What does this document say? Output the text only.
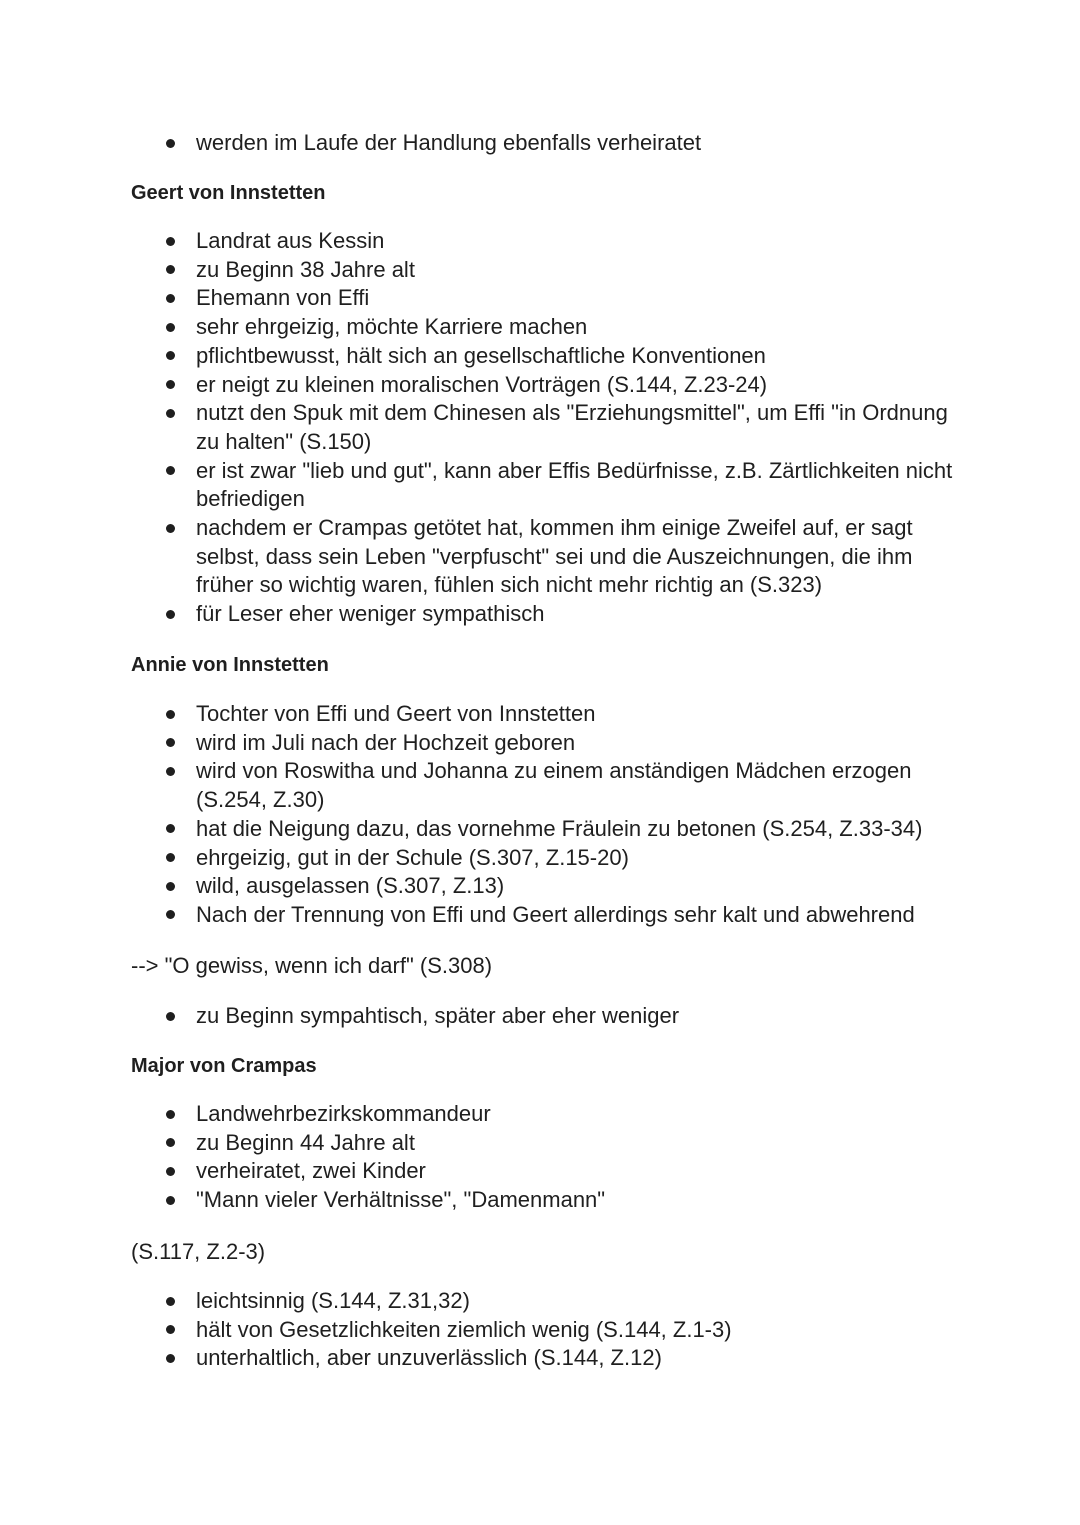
werden im Laufe der Handlung ebenfalls verheiratet
Geert von Innstetten
Landrat aus Kessin
zu Beginn 38 Jahre alt
Ehemann von Effi
sehr ehrgeizig, möchte Karriere machen
pflichtbewusst, hält sich an gesellschaftliche Konventionen
er neigt zu kleinen moralischen Vorträgen (S.144, Z.23-24)
nutzt den Spuk mit dem Chinesen als "Erziehungsmittel", um Effi "in Ordnung zu halten" (S.150)
er ist zwar "lieb und gut", kann aber Effis Bedürfnisse, z.B. Zärtlichkeiten nicht befriedigen
nachdem er Crampas getötet hat, kommen ihm einige Zweifel auf, er sagt selbst, dass sein Leben "verpfuscht" sei und die Auszeichnungen, die ihm früher so wichtig waren, fühlen sich nicht mehr richtig an (S.323)
für Leser eher weniger sympathisch
Annie von Innstetten
Tochter von Effi und Geert von Innstetten
wird im Juli nach der Hochzeit geboren
wird von Roswitha und Johanna zu einem anständigen Mädchen erzogen (S.254, Z.30)
hat die Neigung dazu, das vornehme Fräulein zu betonen (S.254, Z.33-34)
ehrgeizig, gut in der Schule (S.307, Z.15-20)
wild, ausgelassen (S.307, Z.13)
Nach der Trennung von Effi und Geert allerdings sehr kalt und abwehrend
--> "O gewiss, wenn ich darf" (S.308)
zu Beginn sympahtisch, später aber eher weniger
Major von Crampas
Landwehrbezirkskommandeur
zu Beginn 44 Jahre alt
verheiratet, zwei Kinder
"Mann vieler Verhältnisse", "Damenmann"
(S.117, Z.2-3)
leichtsinnig (S.144, Z.31,32)
hält von Gesetzlichkeiten ziemlich wenig (S.144, Z.1-3)
unterhaltlich, aber unzuverlässlich (S.144, Z.12)
